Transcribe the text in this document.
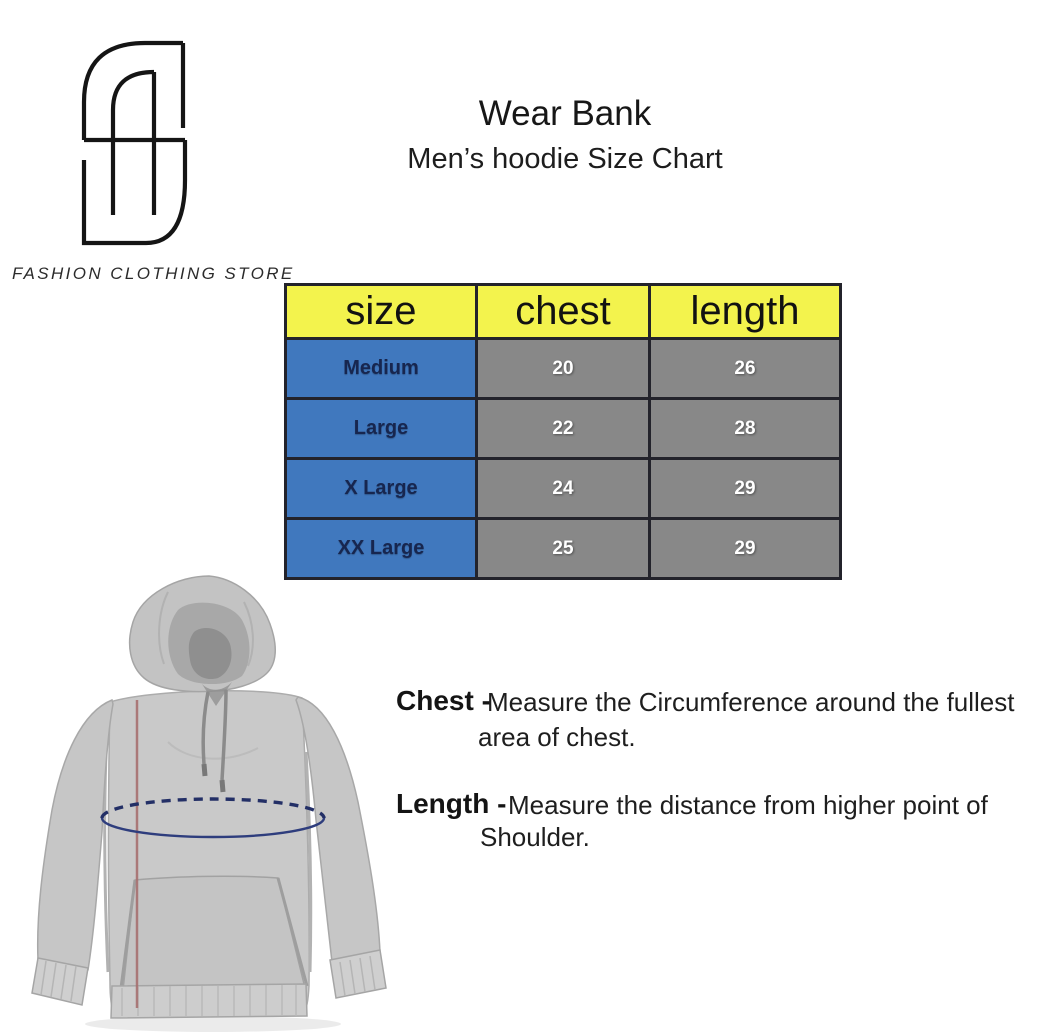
FASHION CLOTHING STORE
Wear Bank
Men’s hoodie Size Chart
size	chest	length
Medium	20	26
Large	22	28
X Large	24	29
XX Large	25	29
Chest -
Measure the Circumference around the fullest
area of chest.
Length - Measure the distance from higher point of
Shoulder.
